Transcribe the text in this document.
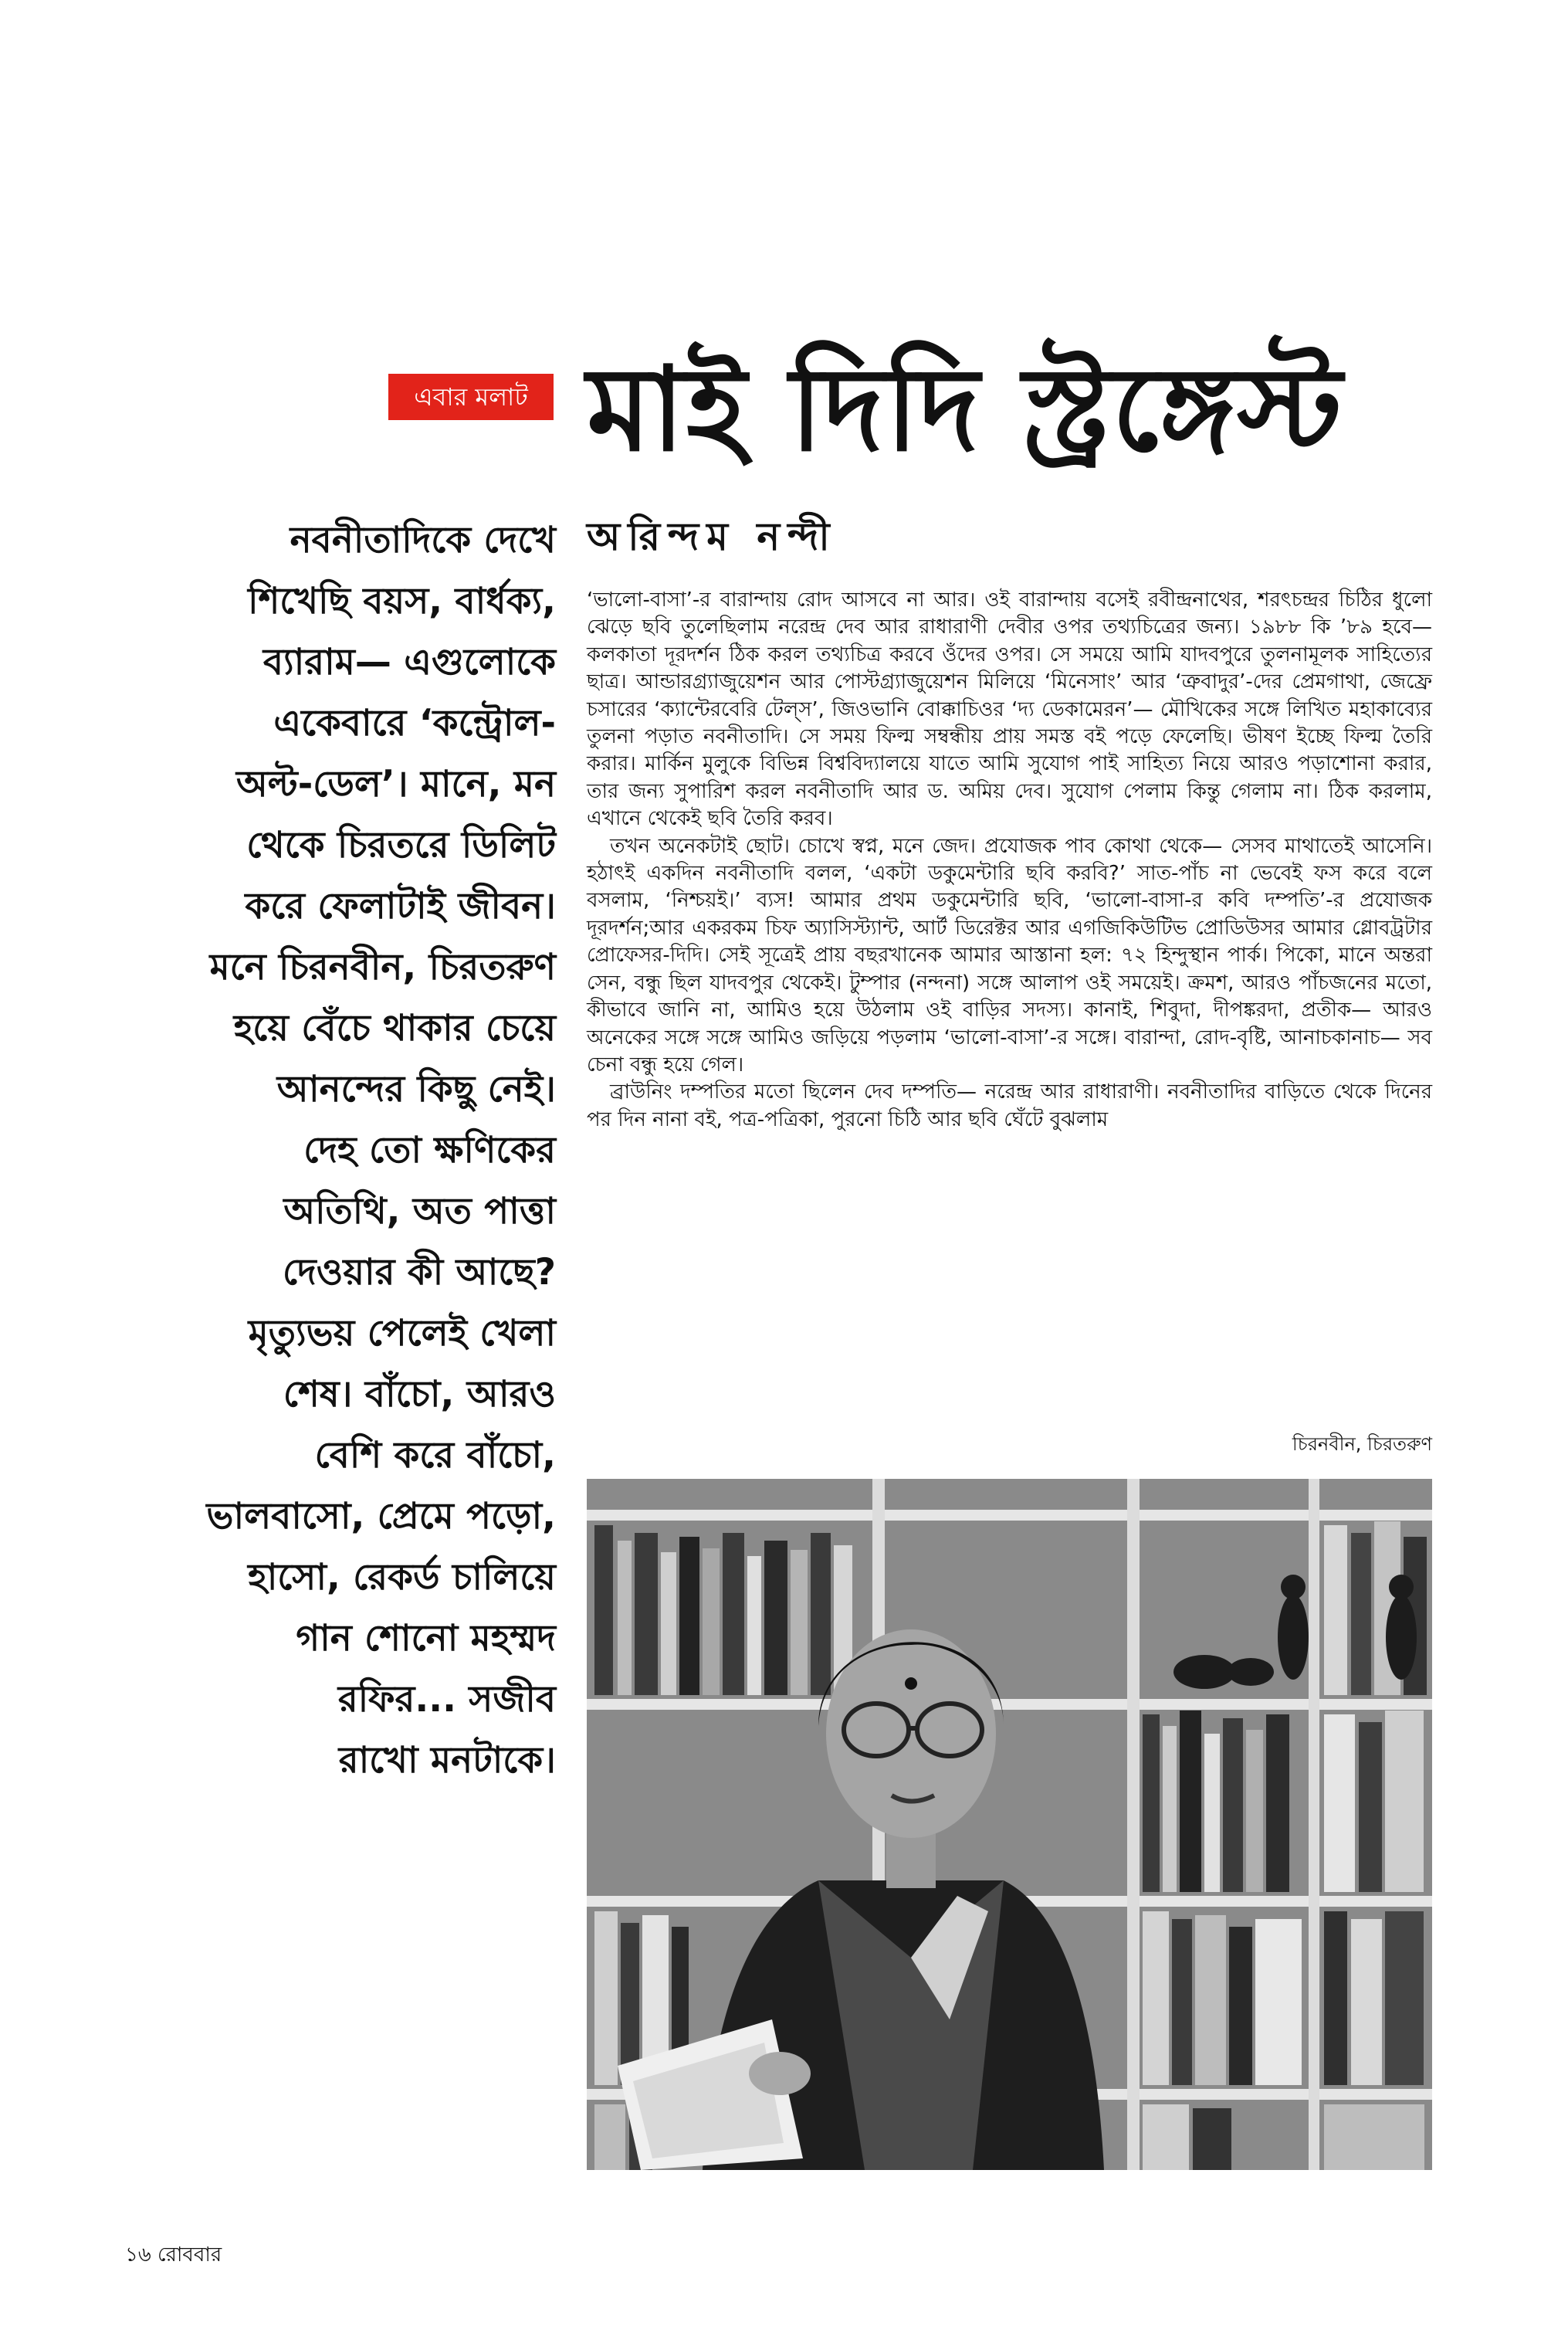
এবার মলাট মাই দিদি স্ট্রঙ্গেস্ট
অরিন্দম নন্দী
নবনীতাদিকে দেখে
শিখেছি বয়স, বার্ধক্য,
ব্যারাম— এগুলোকে
একেবারে ‘কন্ট্রোল-
অল্ট-ডেল’। মানে, মন
থেকে চিরতরে ডিলিট
করে ফেলাটাই জীবন।
মনে চিরনবীন, চিরতরুণ
হয়ে বেঁচে থাকার চেয়ে
আনন্দের কিছু নেই।
দেহ তো ক্ষণিকের
অতিথি, অত পাত্তা
দেওয়ার কী আছে?
মৃত্যুভয় পেলেই খেলা
শেষ। বাঁচো, আরও
বেশি করে বাঁচো,
ভালবাসো, প্রেমে পড়ো,
হাসো, রেকর্ড চালিয়ে
গান শোনো মহম্মদ
রফির... সজীব
রাখো মনটাকে।

‘ভালো-বাসা’-র বারান্দায় রোদ আসবে না আর। ওই বারান্দায় বসেই রবীন্দ্রনাথের, শরৎচন্দ্রর চিঠির ধুলো ঝেড়ে ছবি তুলেছিলাম নরেন্দ্র দেব আর রাধারাণী দেবীর ওপর তথ্যচিত্রের জন্য। ১৯৮৮ কি ’৮৯ হবে— কলকাতা দূরদর্শন ঠিক করল তথ্যচিত্র করবে ওঁদের ওপর। সে সময়ে আমি যাদবপুরে তুলনামূলক সাহিত্যের ছাত্র। আন্ডারগ্র্যাজুয়েশন আর পোস্টগ্র্যাজুয়েশন মিলিয়ে ‘মিনেসাং’ আর ‘ত্রুবাদুর’-দের প্রেমগাথা, জেফ্রে চসারের ‘ক্যান্টেরবেরি টেল্স’, জিওভানি বোক্কাচিওর ‘দ্য ডেকামেরন’— মৌখিকের সঙ্গে লিখিত মহাকাব্যের তুলনা পড়াত নবনীতাদি। সে সময় ফিল্ম সম্বন্ধীয় প্রায় সমস্ত বই পড়ে ফেলেছি। ভীষণ ইচ্ছে ফিল্ম তৈরি করার। মার্কিন মুলুকে বিভিন্ন বিশ্ববিদ্যালয়ে যাতে আমি সুযোগ পাই সাহিত্য নিয়ে আরও পড়াশোনা করার, তার জন্য সুপারিশ করল নবনীতাদি আর ড. অমিয় দেব। সুযোগ পেলাম কিন্তু গেলাম না। ঠিক করলাম, এখানে থেকেই ছবি তৈরি করব।

তখন অনেকটাই ছোট। চোখে স্বপ্ন, মনে জেদ। প্রযোজক পাব কোথা থেকে— সেসব মাথাতেই আসেনি। হঠাৎই একদিন নবনীতাদি বলল, ‘একটা ডকুমেন্টারি ছবি করবি?’ সাত-পাঁচ না ভেবেই ফস করে বলে বসলাম, ‘নিশ্চয়ই।’ ব্যস! আমার প্রথম ডকুমেন্টারি ছবি, ‘ভালো-বাসা-র কবি দম্পতি’-র প্রযোজক দূরদর্শন;আর একরকম চিফ অ্যাসিস্ট্যান্ট, আর্ট ডিরেক্টর আর এগজিকিউটিভ প্রোডিউসর আমার গ্লোবট্রটার প্রোফেসর-দিদি। সেই সূত্রেই প্রায় বছরখানেক আমার আস্তানা হল: ৭২ হিন্দুস্থান পার্ক। পিকো, মানে অন্তরা সেন, বন্ধু ছিল যাদবপুর থেকেই। টুম্পার (নন্দনা) সঙ্গে আলাপ ওই সময়েই। ক্রমশ, আরও পাঁচজনের মতো, কীভাবে জানি না, আমিও হয়ে উঠলাম ওই বাড়ির সদস্য। কানাই, শিবুদা, দীপঙ্করদা, প্রতীক— আরও অনেকের সঙ্গে সঙ্গে আমিও জড়িয়ে পড়লাম ‘ভালো-বাসা’-র সঙ্গে। বারান্দা, রোদ-বৃষ্টি, আনাচকানাচ— সব চেনা বন্ধু হয়ে গেল।

ব্রাউনিং দম্পতির মতো ছিলেন দেব দম্পতি— নরেন্দ্র আর রাধারাণী। নবনীতাদির বাড়িতে থেকে দিনের পর দিন নানা বই, পত্র-পত্রিকা, পুরনো চিঠি আর ছবি ঘেঁটে বুঝলাম

চিরনবীন, চিরতরুণ
১৬ রোববার
